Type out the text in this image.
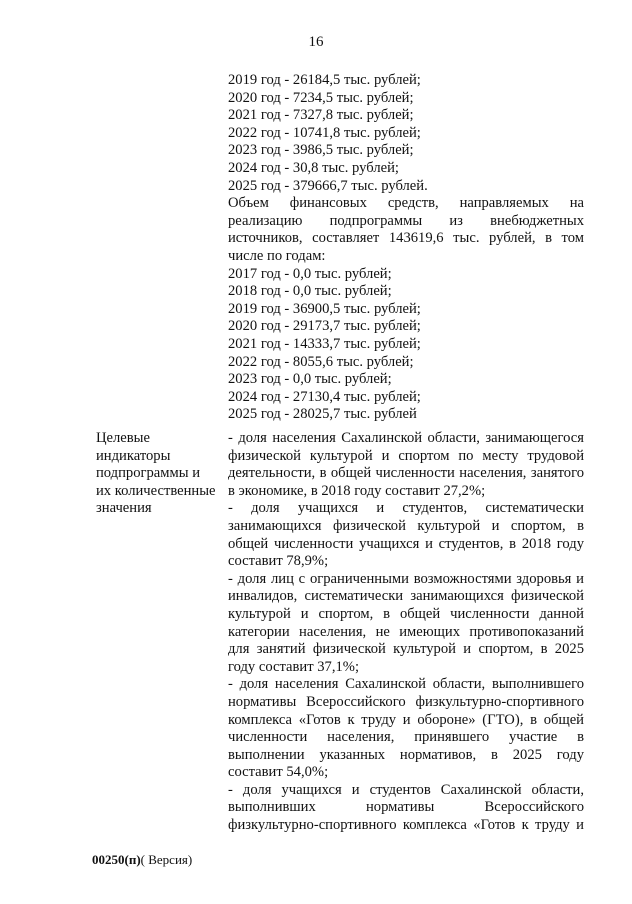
16
2019 год - 26184,5 тыс. рублей;
2020 год - 7234,5 тыс. рублей;
2021 год - 7327,8 тыс. рублей;
2022 год - 10741,8 тыс. рублей;
2023 год - 3986,5 тыс. рублей;
2024 год - 30,8 тыс. рублей;
2025 год - 379666,7 тыс. рублей.
Объем финансовых средств, направляемых на
реализацию подпрограммы из внебюджетных
источников, составляет 143619,6 тыс. рублей, в том
числе по годам:
2017 год - 0,0 тыс. рублей;
2018 год - 0,0 тыс. рублей;
2019 год - 36900,5 тыс. рублей;
2020 год - 29173,7 тыс. рублей;
2021 год - 14333,7 тыс. рублей;
2022 год - 8055,6 тыс. рублей;
2023 год - 0,0 тыс. рублей;
2024 год - 27130,4 тыс. рублей;
2025 год - 28025,7 тыс. рублей
Целевые
индикаторы
подпрограммы и
их количественные
значения
- доля населения Сахалинской области, занимающегося
физической культурой и спортом по месту трудовой
деятельности, в общей численности населения, занятого
в экономике, в 2018 году составит 27,2%;
- доля учащихся и студентов, систематически
занимающихся физической культурой и спортом, в
общей численности учащихся и студентов, в 2018 году
составит 78,9%;
- доля лиц с ограниченными возможностями здоровья и
инвалидов, систематически занимающихся физической
культурой и спортом, в общей численности данной
категории населения, не имеющих противопоказаний
для занятий физической культурой и спортом, в 2025
году составит 37,1%;
- доля населения Сахалинской области, выполнившего
нормативы Всероссийского физкультурно-спортивного
комплекса «Готов к труду и обороне» (ГТО), в общей
численности населения, принявшего участие в
выполнении указанных нормативов, в 2025 году
составит 54,0%;
- доля учащихся и студентов Сахалинской области,
выполнивших нормативы Всероссийского
физкультурно-спортивного комплекса «Готов к труду и
00250(п)( Версия)
